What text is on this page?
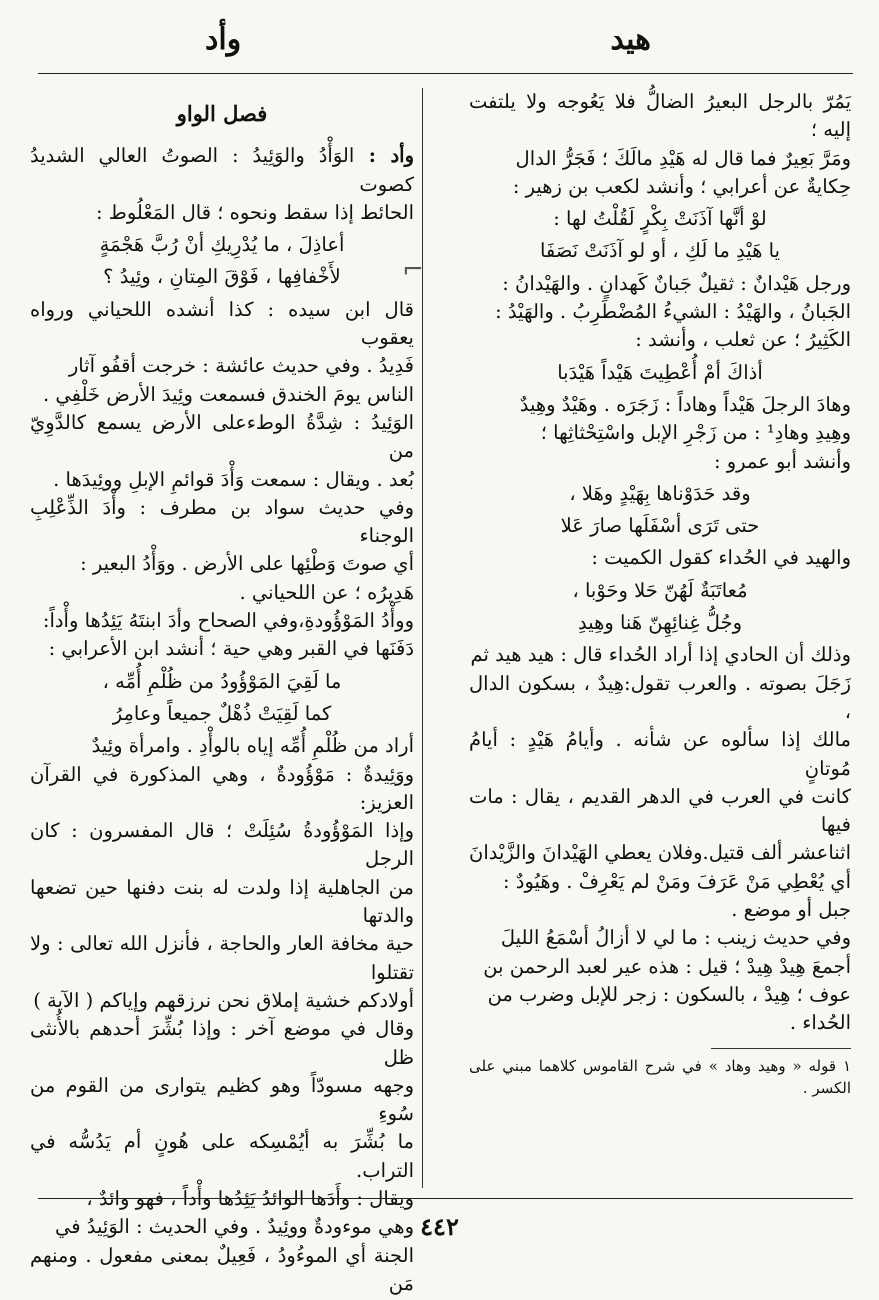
هيد
وأد
⌐

يَمُرّ بالرجل البعيرُ الضالُّ فلا يَعُوجه ولا يلتفت إليه ؛

ومَرَّ بَعِيرٌ فما قال له هَيْدِ مالَكَ ؛ فَجَرُّ الدال

حِكايةٌ عن أعرابي ؛ وأنشد لكعب بن زهير :

لوْ أنَّها آذَنَتْ بِكْرٍ لَقُلْتُ لها :

يا هَيْدِ ما لَكِ ، أو لو آذَنَتْ نَصَفَا

ورجل هَيْدانٌ : ثقيلٌ جَبانٌ كَهدانٍ . والهَيْدانُ :

الجَبانُ ، والهَيْدُ : الشيءُ المُضْطَرِبُ . والهَيْدُ :

الكَثِيرُ ؛ عن ثعلب ، وأنشد :

أذاكَ أمْ أُعْطِيتَ هَيْداً هَيْدَبا

وهادَ الرجلَ هَيْداً وهاداً : زَجَرَه . وهَيْدٌ وهِيدٌ

وهِيدِ وهادِ¹ : من زَجْرِ الإبل واسْتِحْثاثِها ؛

وأنشد أبو عمرو :

وقد حَدَوْناها بِهَيْدٍ وهَلا ،

حتى تَرَى أسْفَلَها صارَ عَلا

والهيد في الحُداء كقول الكميت :

مُعاتَبَةٌ لَهُنّ حَلا وحَوْبا ،

وجُلُّ غِنائِهِنّ هَنا وهِيدِ

وذلك أن الحادي إذا أراد الحُداء قال : هيد هيد ثم

زَجَلَ بصوته . والعرب تقول:هِيدٌ ، بسكون الدال ،

مالك إذا سألوه عن شأنه . وأيامُ هَيْدٍ : أيامُ مُوتانٍ

كانت في العرب في الدهر القديم ، يقال : مات فيها

اثناعشر ألف قتيل.وفلان يعطي الهَيْدانَ والزَّيْدانَ

أي يُعْطِي مَنْ عَرَفَ ومَنْ لم يَعْرِفْ . وهَيُودٌ :

جبل أو موضع .

وفي حديث زينب : ما لي لا أزالُ أسْمَعُ الليلَ

أجمعَ هِيدْ هِيدْ ؛ قيل : هذه عير لعبد الرحمن بن

عوف ؛ هِيدْ ، بالسكون : زجر للإبل وضرب من

الحُداء .

١ قوله « وهيد وهاد » في شرح القاموس كلاهما مبني على الكسر .

فصل الواو

وأد : الوَأْدُ والوَئِيدُ : الصوتُ العالي الشديدُ كصوت

الحائط إذا سقط ونحوه ؛ قال المَعْلُوط :

أعاذِلَ ، ما يُدْرِيكِ أنْ رُبَّ هَجْمَةٍ

لأَخْفافِها ، فَوْقَ المِتانِ ، وئِيدُ ؟

قال ابن سيده : كذا أنشده اللحياني ورواه يعقوب

فَدِيدُ . وفي حديث عائشة : خرجت أقفُو آثار

الناس يومَ الخندق فسمعت وئِيدَ الأرض خَلْفِي .

الوَئِيدُ : شِدَّةُ الوطءعلى الأرض يسمع كالدَّوِيّ من

بُعد . ويقال : سمعت وَأْدَ قوائمِ الإبلِ ووئِيدَها .

وفي حديث سواد بن مطرف : وأْدَ الذِّعْلِبِ الوجناء

أي صوتَ وَطْئِها على الأرض . ووَأْدُ البعير :

هَدِيرُه ؛ عن اللحياني .

ووأْدُ المَوْؤُودةِ،وفي الصحاح وأدَ ابنتَهُ يَئِدُها وأْداً:

دَفَنَها في القبر وهي حية ؛ أنشد ابن الأعرابي :

ما لَقِيَ المَوْؤُودُ من ظُلْمِ أُمِّه ،

كما لَقِيَتْ ذُهْلٌ جميعاً وعامِرُ

أراد من ظُلْمِ أُمِّه إياه بالوأْدِ . وامرأة وئِيدٌ

ووَئِيدةٌ : مَوْؤُودةٌ ، وهي المذكورة في القرآن العزيز:

وإذا المَوْؤُودةُ سُئِلَتْ ؛ قال المفسرون : كان الرجل

من الجاهلية إذا ولدت له بنت دفنها حين تضعها والدتها

حية مخافة العار والحاجة ، فأنزل الله تعالى : ولا تقتلوا

أولادكم خشية إملاق نحن نرزقهم وإياكم ( الآية )

وقال في موضع آخر : وإذا بُشِّرَ أحدهم بالأُنثى ظل

وجهه مسودّاً وهو كظيم يتوارى من القوم من سُوءِ

ما بُشِّرَ به أيُمْسِكه على هُونٍ أم يَدُسُّه في التراب.

ويقال : وأَدَها الوائدُ يَئِدُها وأْداً ، فهو وائدٌ ،

وهي موءودةٌ ووئِيدٌ . وفي الحديث : الوَئِيدُ في

الجنة أي الموءُودُ ، فَعِيلٌ بمعنى مفعول . ومنهم مَن

٤٤٢
